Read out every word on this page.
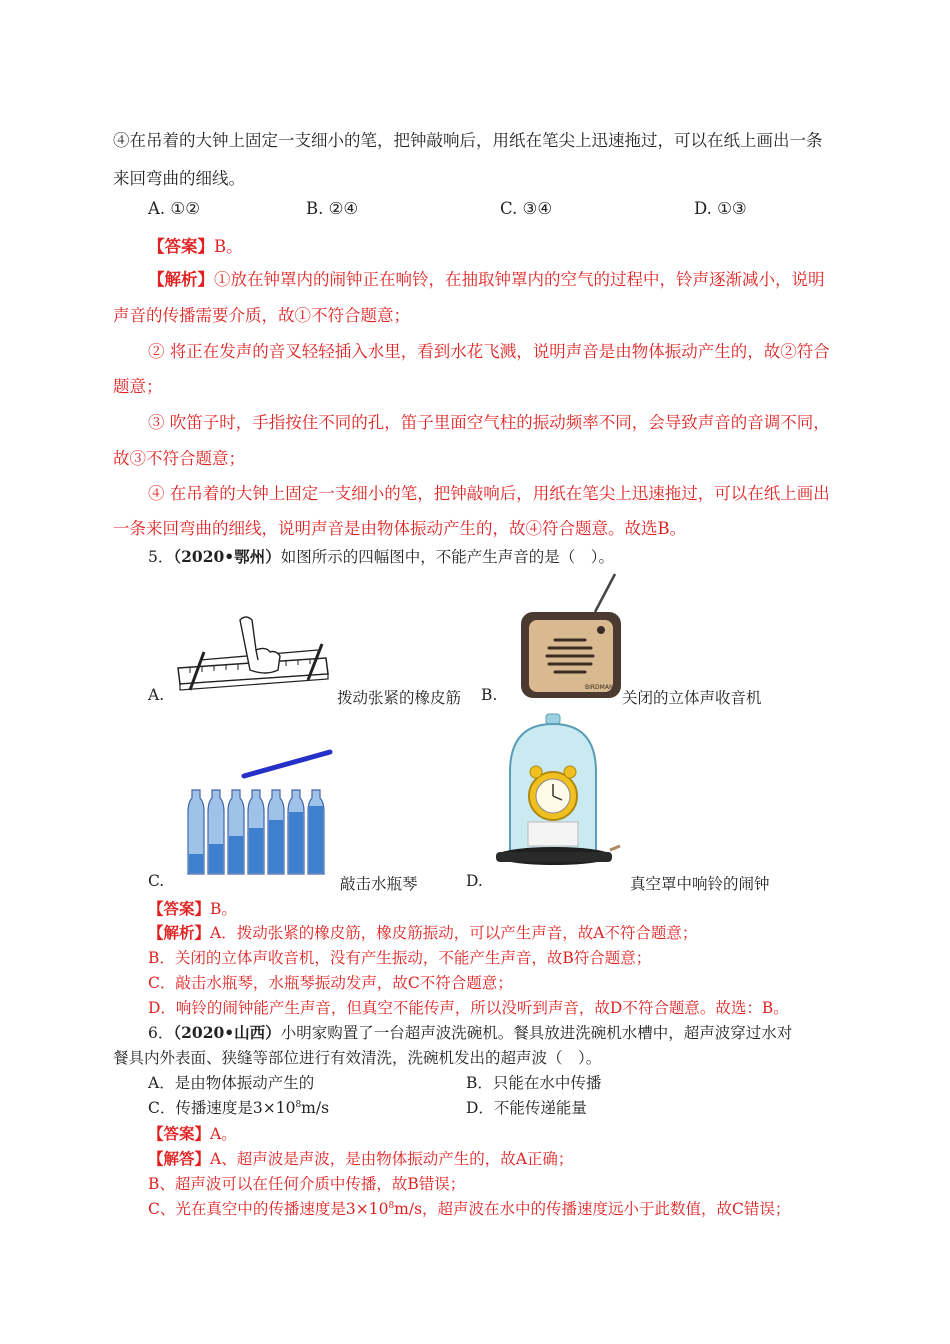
④在吊着的大钟上固定一支细小的笔，把钟敲响后，用纸在笔尖上迅速拖过，可以在纸上画出一条
来回弯曲的细线。
A. ①②	B. ②④	C. ③④	D. ①③
【答案】B。
【解析】①放在钟罩内的闹钟正在响铃，在抽取钟罩内的空气的过程中，铃声逐渐减小，说明
声音的传播需要介质，故①不符合题意；
② 将正在发声的音叉轻轻插入水里，看到水花飞溅，说明声音是由物体振动产生的，故②符合
题意；
③ 吹笛子时，手指按住不同的孔，笛子里面空气柱的振动频率不同，会导致声音的音调不同，
故③不符合题意；
④ 在吊着的大钟上固定一支细小的笔，把钟敲响后，用纸在笔尖上迅速拖过，可以在纸上画出
一条来回弯曲的细线，说明声音是由物体振动产生的，故④符合题意。故选B。
5．（2020•鄂州）如图所示的四幅图中，不能产生声音的是（　）。
A.	拨动张紧的橡皮筋
BIRDMAN
B.	关闭的立体声收音机
C.	敲击水瓶琴	D.	真空罩中响铃的闹钟
【答案】B。
【解析】A．拨动张紧的橡皮筋，橡皮筋振动，可以产生声音，故A不符合题意；
B．关闭的立体声收音机，没有产生振动，不能产生声音，故B符合题意；
C．敲击水瓶琴，水瓶琴振动发声，故C不符合题意；
D．响铃的闹钟能产生声音，但真空不能传声，所以没听到声音，故D不符合题意。故选：B。
6．（2020•山西）小明家购置了一台超声波洗碗机。餐具放进洗碗机水槽中，超声波穿过水对
餐具内外表面、狭缝等部位进行有效清洗，洗碗机发出的超声波（　）。
A．是由物体振动产生的	B．只能在水中传播
C．传播速度是$3\times 10^8m/s$	D．不能传递能量
【答案】A。
【解答】A、超声波是声波，是由物体振动产生的，故A正确；
B、超声波可以在任何介质中传播，故B错误；
C、光在真空中的传播速度是$3\times 10^8m/s$，超声波在水中的传播速度远小于此数值，故C错误；
